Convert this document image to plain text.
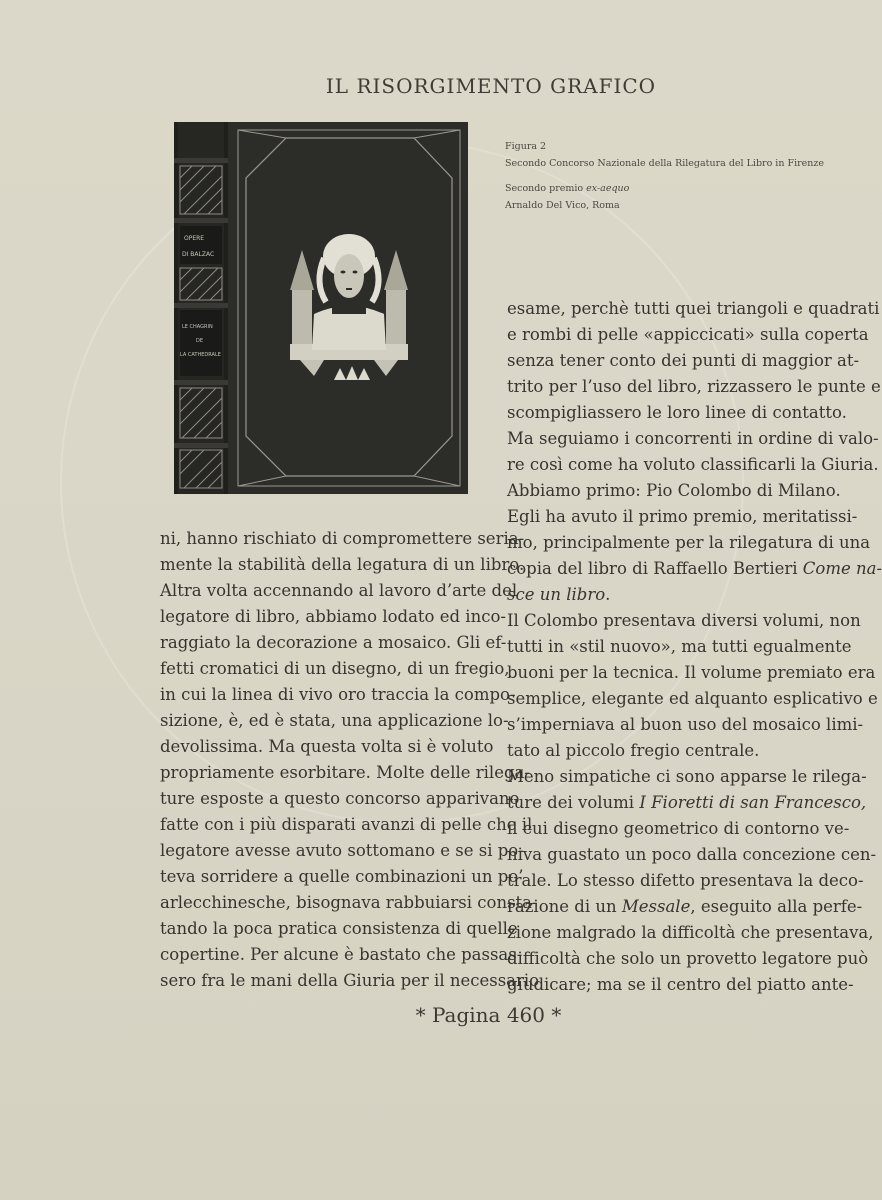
IL RISORGIMENTO GRAFICO
OPERE
DI BALZAC
LE CHAGRIN
DE
LA CATHEDRALE
Figura 2
Secondo Concorso Nazionale della Rilegatura del Libro in Firenze
Secondo premio ex-aequo
Arnaldo Del Vico, Roma
ni, hanno rischiato di compromettere seria-
mente la stabilità della legatura di un libro.
Altra volta accennando al lavoro d’arte del
legatore di libro, abbiamo lodato ed inco-
raggiato la decorazione a mosaico. Gli ef-
fetti cromatici di un disegno, di un fregio,
in cui la linea di vivo oro traccia la compo-
sizione, è, ed è stata, una applicazione lo-
devolissima. Ma questa volta si è voluto
propriamente esorbitare. Molte delle rilega-
ture esposte a questo concorso apparivano
fatte con i più disparati avanzi di pelle che il
legatore avesse avuto sottomano e se si po-
teva sorridere a quelle combinazioni un po’
arlecchinesche, bisognava rabbuiarsi consta-
tando la poca pratica consistenza di quelle
copertine. Per alcune è bastato che passas-
sero fra le mani della Giuria per il necessario
esame, perchè tutti quei triangoli e quadrati
e rombi di pelle «appiccicati» sulla coperta
senza tener conto dei punti di maggior at-
trito per l’uso del libro, rizzassero le punte e
scompigliassero le loro linee di contatto.
Ma seguiamo i concorrenti in ordine di valo-
re così come ha voluto classificarli la Giuria.
Abbiamo primo: Pio Colombo di Milano.
Egli ha avuto il primo premio, meritatissi-
mo, principalmente per la rilegatura di una
copia del libro di Raffaello Bertieri Come na-
sce un libro.
Il Colombo presentava diversi volumi, non
tutti in «stil nuovo», ma tutti egualmente
buoni per la tecnica. Il volume premiato era
semplice, elegante ed alquanto esplicativo e
s’imperniava al buon uso del mosaico limi-
tato al piccolo fregio centrale.
Meno simpatiche ci sono apparse le rilega-
ture dei volumi I Fioretti di san Francesco,
il cui disegno geometrico di contorno ve-
niva guastato un poco dalla concezione cen-
trale. Lo stesso difetto presentava la deco-
razione di un Messale, eseguito alla perfe-
zione malgrado la difficoltà che presentava,
difficoltà che solo un provetto legatore può
giudicare; ma se il centro del piatto ante-
* Pagina 460 *
